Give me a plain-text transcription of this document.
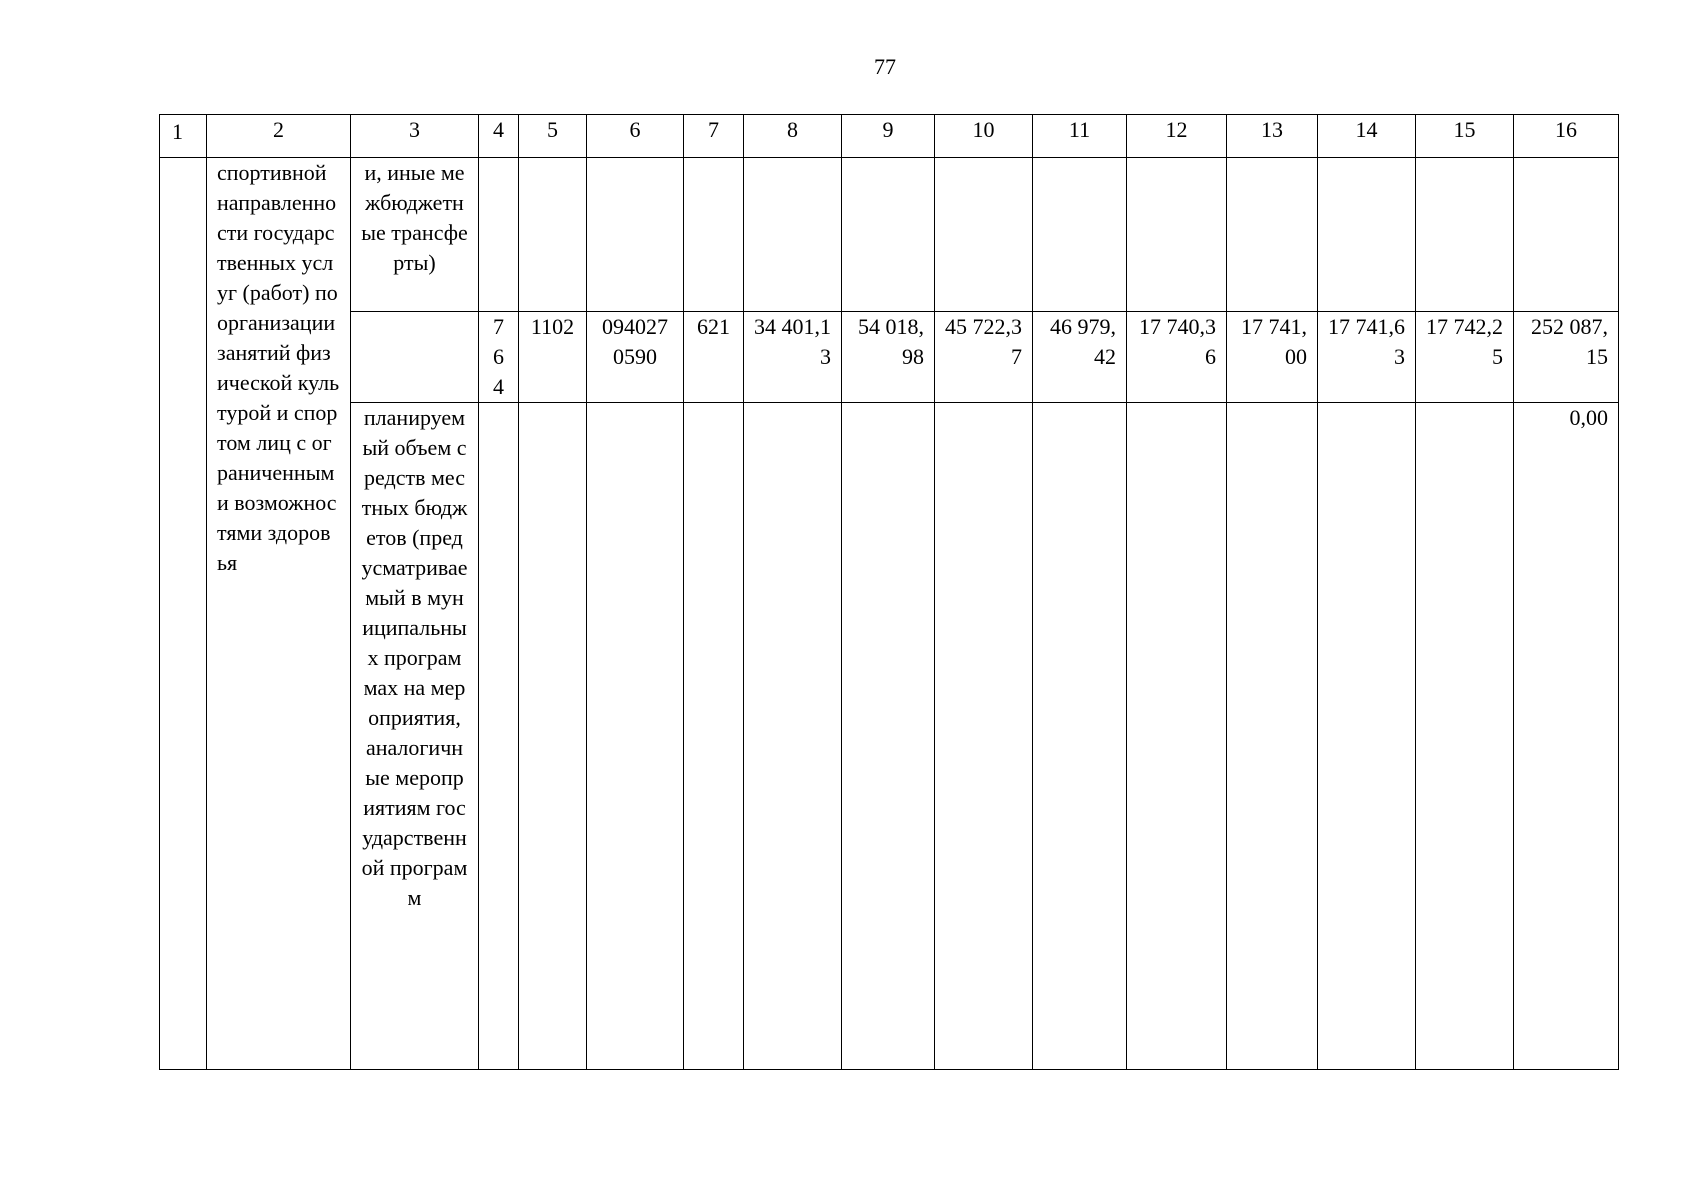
77
1	2	3	4	5	6	7	8	9	10	11	12	13	14	15	16
	спортивной направленности государственных услуг (работ) по организации занятий физической культурой и спортом лиц с ограниченными возможностями здоровья	и, иные межбюджетные трансферты)													
			764	1102	0940270590	621	34 401,13	54 018,98	45 722,37	46 979,42	17 740,36	17 741,00	17 741,63	17 742,25	252 087,15
		планируемый объем средств местных бюджетов (предусматриваемый в муниципальных программах на мероприятия, аналогичные мероприятиям государственной программ													0,00
